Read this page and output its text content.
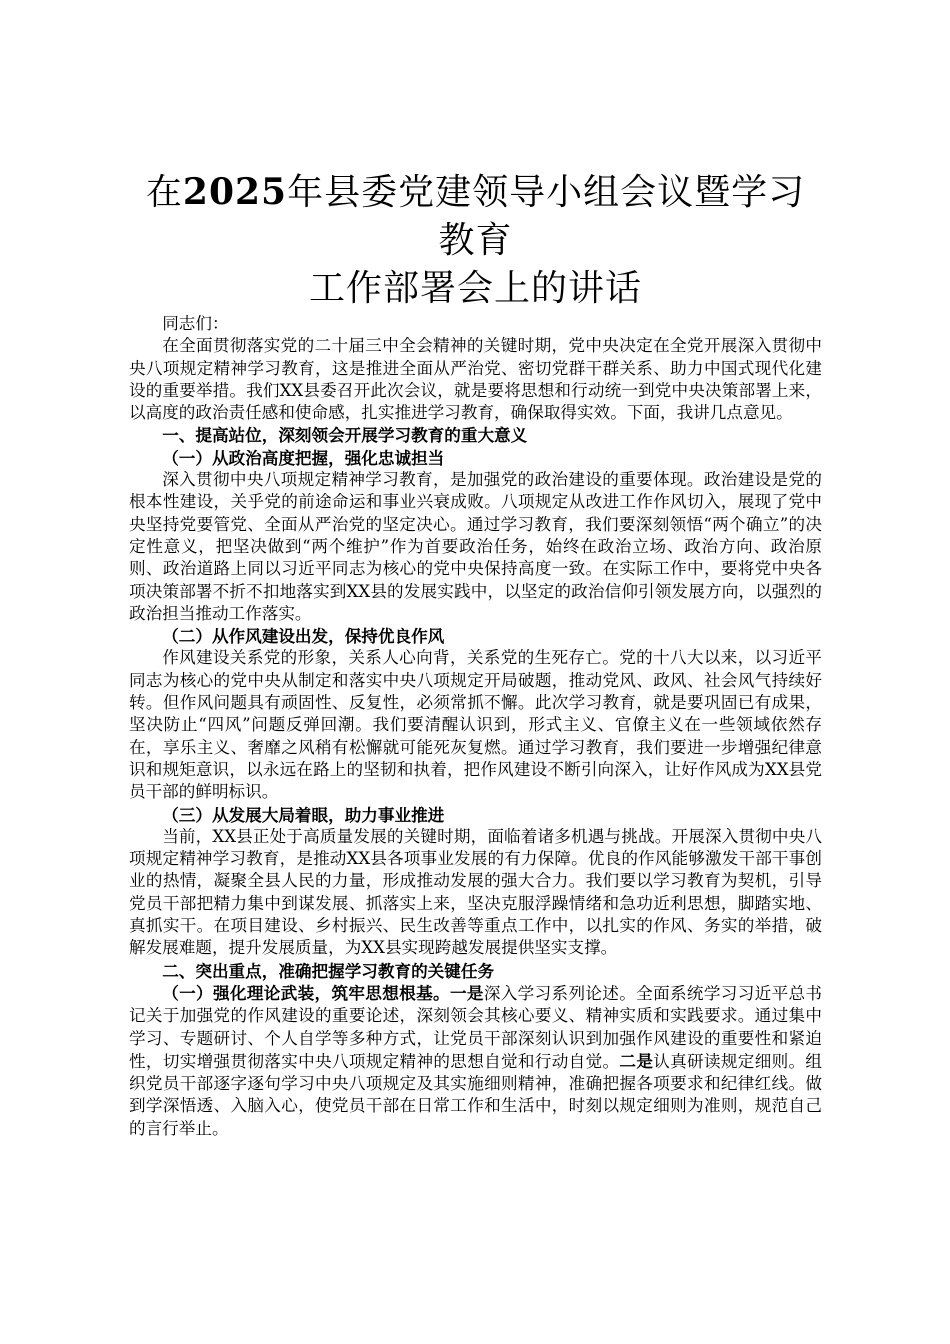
在2025年县委党建领导小组会议暨学习教育
工作部署会上的讲话

同志们：

在全面贯彻落实党的二十届三中全会精神的关键时期，党中央决定在全党开展深入贯彻中央八项规定精神学习教育，这是推进全面从严治党、密切党群干群关系、助力中国式现代化建设的重要举措。我们XX县委召开此次会议，就是要将思想和行动统一到党中央决策部署上来，以高度的政治责任感和使命感，扎实推进学习教育，确保取得实效。下面，我讲几点意见。

一、提高站位，深刻领会开展学习教育的重大意义

（一）从政治高度把握，强化忠诚担当

深入贯彻中央八项规定精神学习教育，是加强党的政治建设的重要体现。政治建设是党的根本性建设，关乎党的前途命运和事业兴衰成败。八项规定从改进工作作风切入，展现了党中央坚持党要管党、全面从严治党的坚定决心。通过学习教育，我们要深刻领悟“两个确立”的决定性意义，把坚决做到“两个维护”作为首要政治任务，始终在政治立场、政治方向、政治原则、政治道路上同以习近平同志为核心的党中央保持高度一致。在实际工作中，要将党中央各项决策部署不折不扣地落实到XX县的发展实践中，以坚定的政治信仰引领发展方向，以强烈的政治担当推动工作落实。

（二）从作风建设出发，保持优良作风

作风建设关系党的形象，关系人心向背，关系党的生死存亡。党的十八大以来，以习近平同志为核心的党中央从制定和落实中央八项规定开局破题，推动党风、政风、社会风气持续好转。但作风问题具有顽固性、反复性，必须常抓不懈。此次学习教育，就是要巩固已有成果，坚决防止“四风”问题反弹回潮。我们要清醒认识到，形式主义、官僚主义在一些领域依然存在，享乐主义、奢靡之风稍有松懈就可能死灰复燃。通过学习教育，我们要进一步增强纪律意识和规矩意识，以永远在路上的坚韧和执着，把作风建设不断引向深入，让好作风成为XX县党员干部的鲜明标识。

（三）从发展大局着眼，助力事业推进

当前，XX县正处于高质量发展的关键时期，面临着诸多机遇与挑战。开展深入贯彻中央八项规定精神学习教育，是推动XX县各项事业发展的有力保障。优良的作风能够激发干部干事创业的热情，凝聚全县人民的力量，形成推动发展的强大合力。我们要以学习教育为契机，引导党员干部把精力集中到谋发展、抓落实上来，坚决克服浮躁情绪和急功近利思想，脚踏实地、真抓实干。在项目建设、乡村振兴、民生改善等重点工作中，以扎实的作风、务实的举措，破解发展难题，提升发展质量，为XX县实现跨越发展提供坚实支撑。

二、突出重点，准确把握学习教育的关键任务

（一）强化理论武装，筑牢思想根基。一是深入学习系列论述。全面系统学习习近平总书记关于加强党的作风建设的重要论述，深刻领会其核心要义、精神实质和实践要求。通过集中学习、专题研讨、个人自学等多种方式，让党员干部深刻认识到加强作风建设的重要性和紧迫性，切实增强贯彻落实中央八项规定精神的思想自觉和行动自觉。二是认真研读规定细则。组织党员干部逐字逐句学习中央八项规定及其实施细则精神，准确把握各项要求和纪律红线。做到学深悟透、入脑入心，使党员干部在日常工作和生活中，时刻以规定细则为准则，规范自己的言行举止。
